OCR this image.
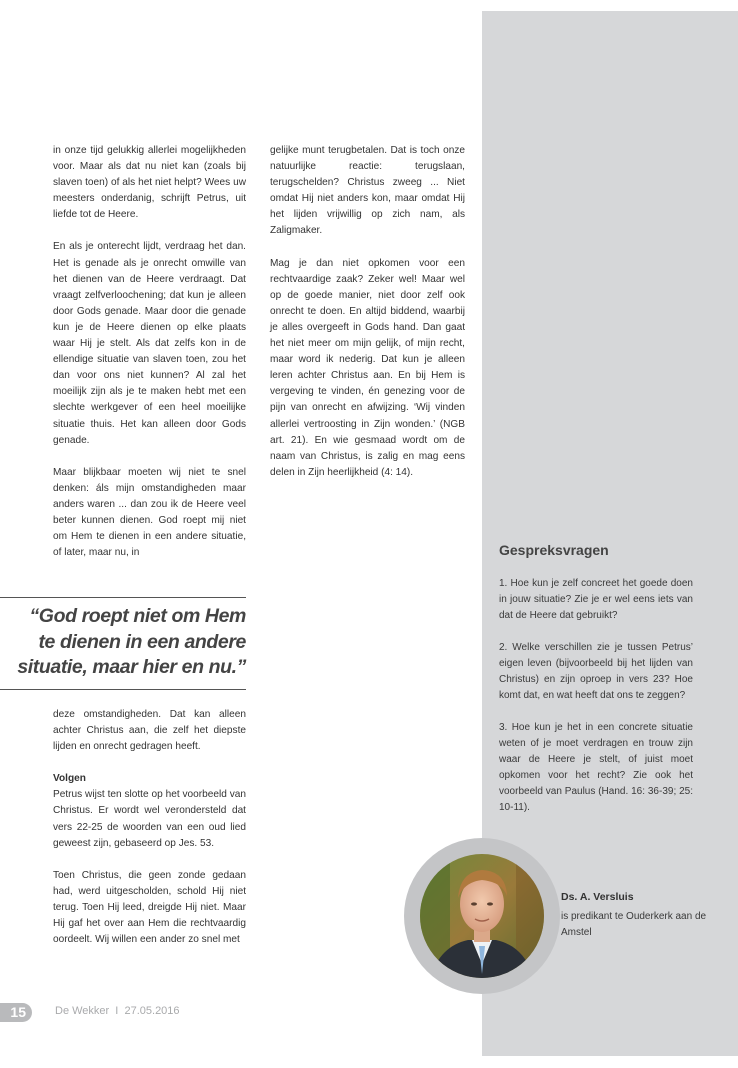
in onze tijd gelukkig allerlei mogelijkheden voor. Maar als dat nu niet kan (zoals bij slaven toen) of als het niet helpt? Wees uw meesters onderdanig, schrijft Petrus, uit liefde tot de Heere.

En als je onterecht lijdt, verdraag het dan. Het is genade als je onrecht omwille van het dienen van de Heere verdraagt. Dat vraagt zelfverloochening; dat kun je alleen door Gods genade. Maar door die genade kun je de Heere dienen op elke plaats waar Hij je stelt. Als dat zelfs kon in de ellendige situatie van slaven toen, zou het dan voor ons niet kunnen? Al zal het moeilijk zijn als je te maken hebt met een slechte werkgever of een heel moeilijke situatie thuis. Het kan alleen door Gods genade.

Maar blijkbaar moeten wij niet te snel denken: áls mijn omstandigheden maar anders waren ... dan zou ik de Heere veel beter kunnen dienen. God roept mij niet om Hem te dienen in een andere situatie, of later, maar nu, in

“God roept niet om Hem
te dienen in een andere
situatie, maar hier en nu.”

deze omstandigheden. Dat kan alleen achter Christus aan, die zelf het diepste lijden en onrecht gedragen heeft.

Volgen
Petrus wijst ten slotte op het voorbeeld van Christus. Er wordt wel verondersteld dat vers 22-25 de woorden van een oud lied geweest zijn, gebaseerd op Jes. 53.

Toen Christus, die geen zonde gedaan had, werd uitgescholden, schold Hij niet terug. Toen Hij leed, dreigde Hij niet. Maar Hij gaf het over aan Hem die rechtvaardig oordeelt. Wij willen een ander zo snel met

gelijke munt terugbetalen. Dat is toch onze natuurlijke reactie: terugslaan, terugschelden? Christus zweeg ... Niet omdat Hij niet anders kon, maar omdat Hij het lijden vrijwillig op zich nam, als Zaligmaker.

Mag je dan niet opkomen voor een rechtvaardige zaak? Zeker wel! Maar wel op de goede manier, niet door zelf ook onrecht te doen. En altijd biddend, waarbij je alles overgeeft in Gods hand. Dan gaat het niet meer om mijn gelijk, of mijn recht, maar word ik nederig. Dat kun je alleen leren achter Christus aan. En bij Hem is vergeving te vinden, én genezing voor de pijn van onrecht en afwijzing. ‘Wij vinden allerlei vertroosting in Zijn wonden.’ (NGB art. 21). En wie gesmaad wordt om de naam van Christus, is zalig en mag eens delen in Zijn heerlijkheid (4: 14).

Gespreksvragen

1. Hoe kun je zelf concreet het goede doen in jouw situatie? Zie je er wel eens iets van dat de Heere dat gebruikt?

2. Welke verschillen zie je tussen Petrus’ eigen leven (bijvoorbeeld bij het lijden van Christus) en zijn oproep in vers 23? Hoe komt dat, en wat heeft dat ons te zeggen?

3. Hoe kun je het in een concrete situatie weten of je moet verdragen en trouw zijn waar de Heere je stelt, of juist moet opkomen voor het recht? Zie ook het voorbeeld van Paulus (Hand. 16: 36-39; 25: 10-11).

Ds. A. Versluis
is predikant te Ouderkerk aan de Amstel
15	De Wekker  I  27.05.2016
